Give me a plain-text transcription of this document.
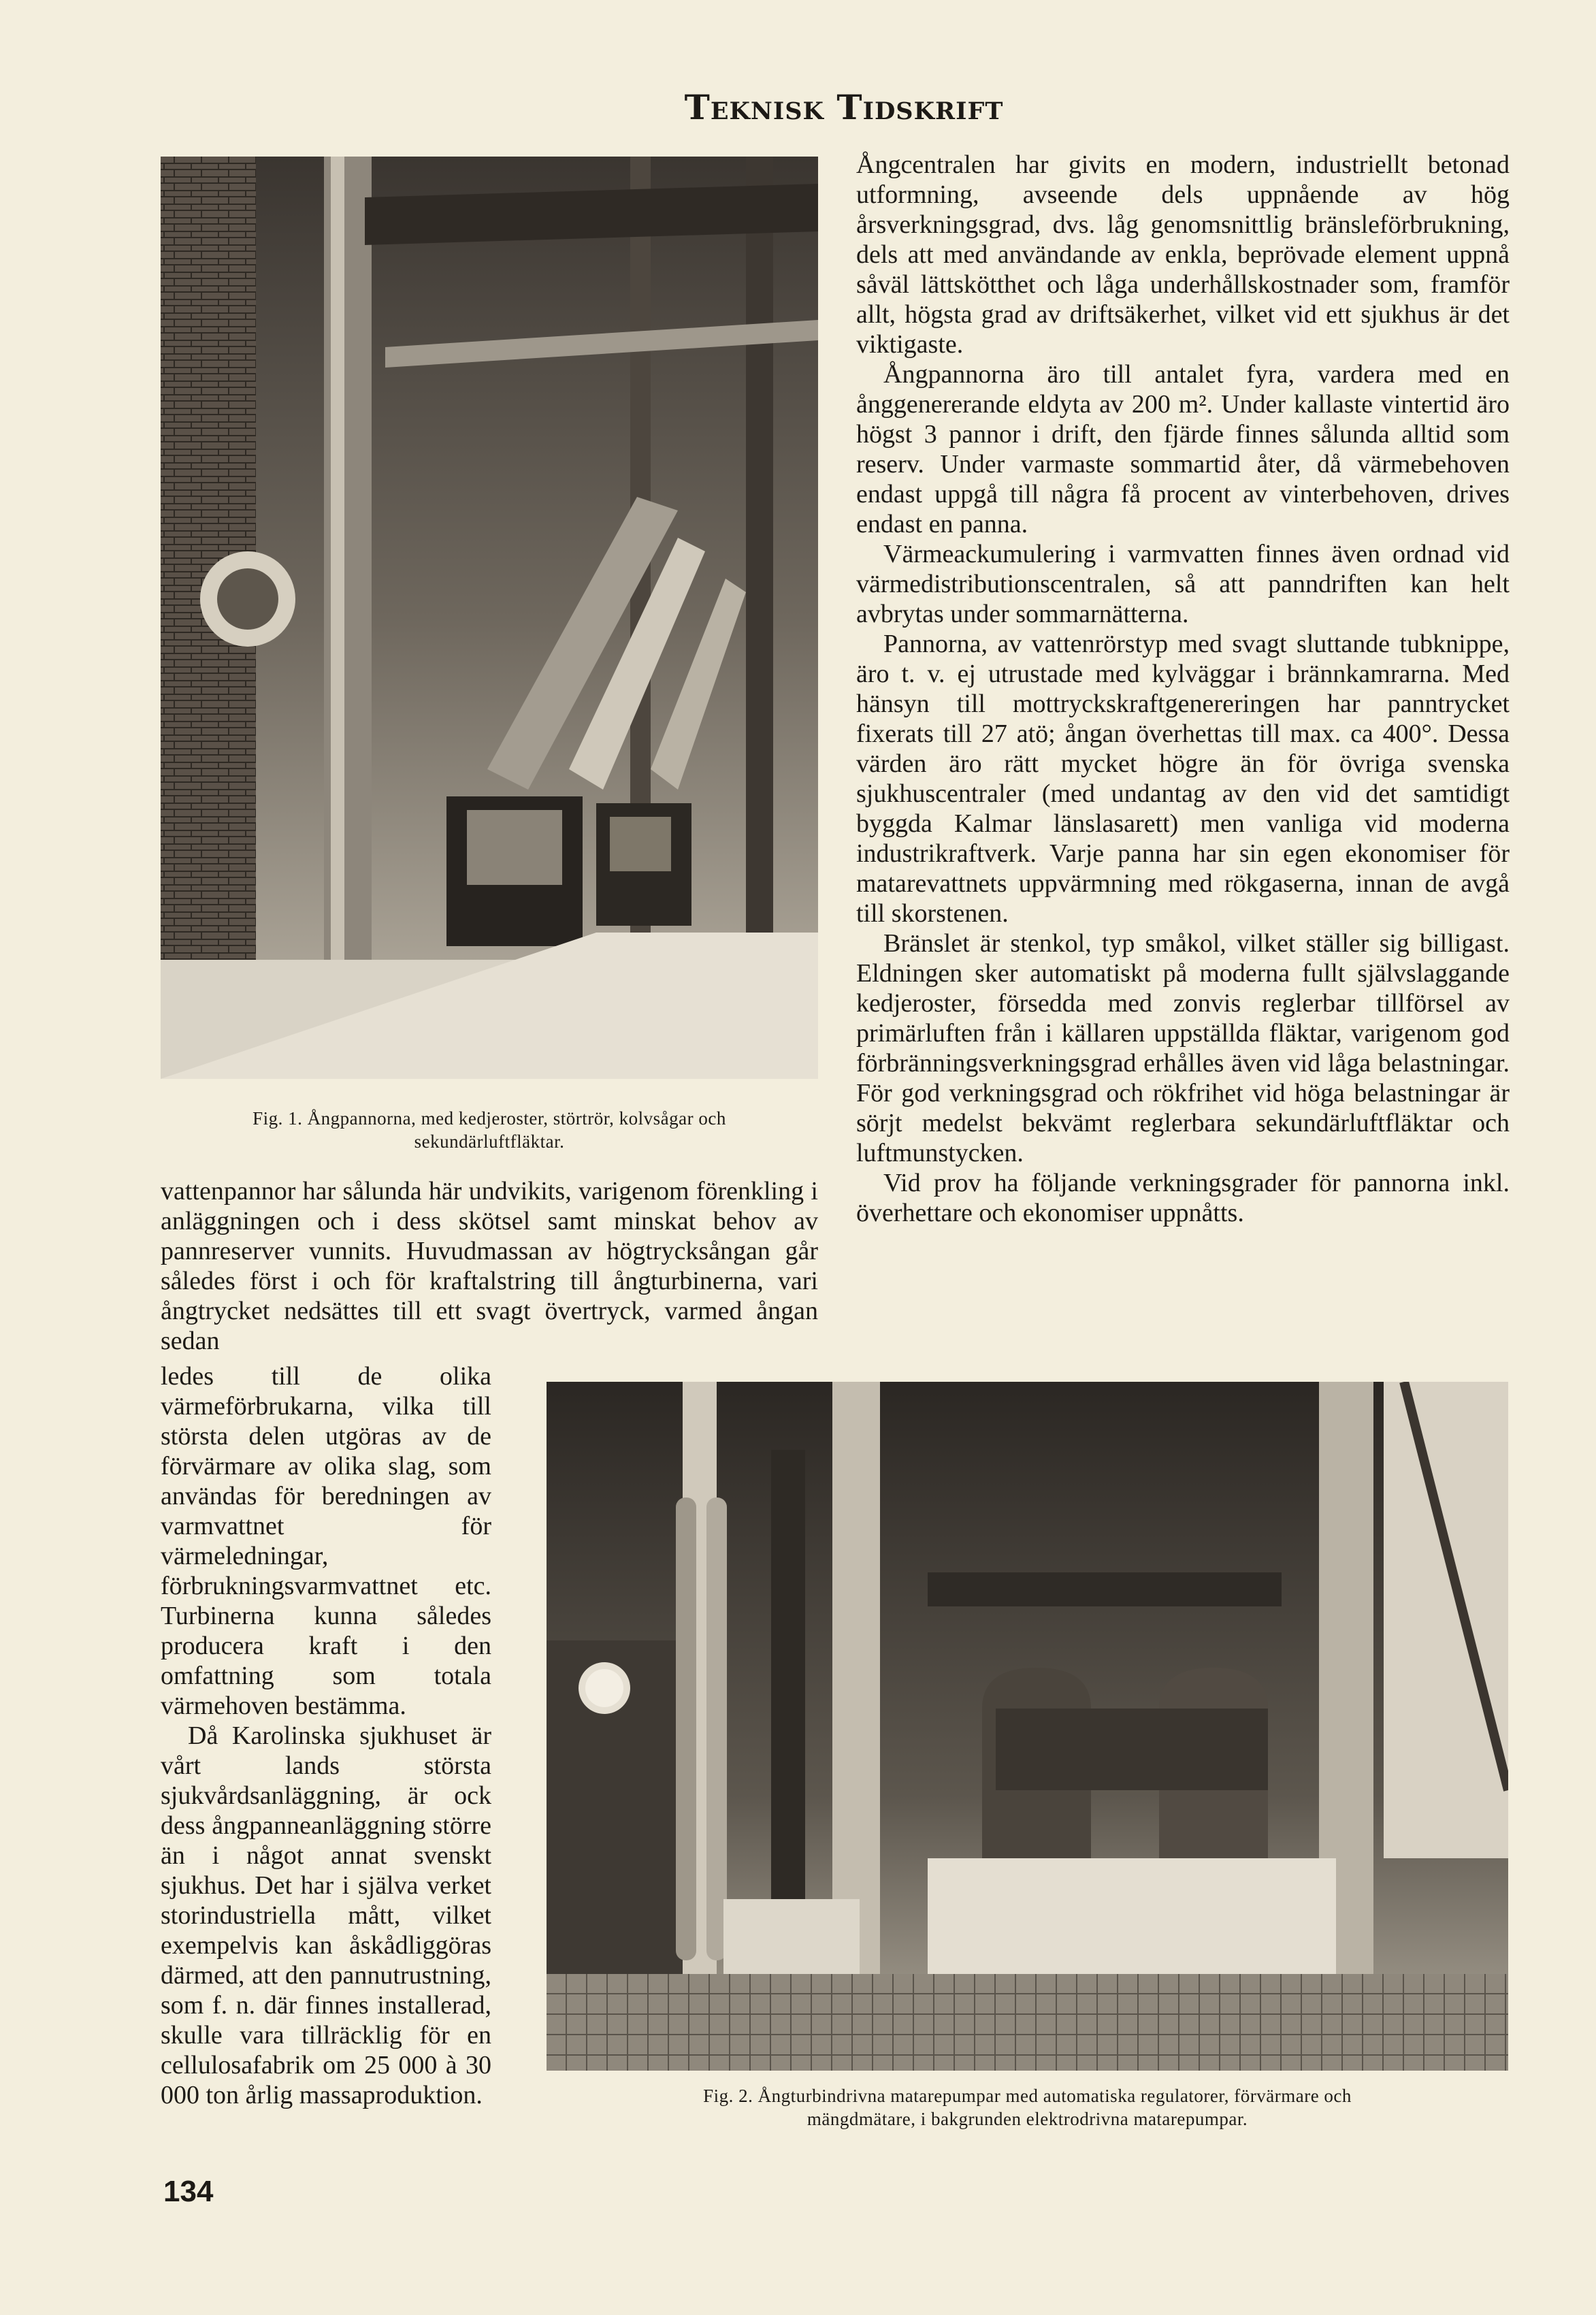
Teknisk Tidskrift
Fig. 1. Ångpannorna, med kedjeroster, störtrör, kolvsågar och
sekundärluftfläktar.

Ångcentralen har givits en modern, industriellt betonad utformning, avseende dels uppnående av hög årsverkningsgrad, dvs. låg genomsnittlig bränsleförbrukning, dels att med användande av enkla, beprövade element uppnå såväl lättskötthet och låga underhållskostnader som, framför allt, högsta grad av driftsäkerhet, vilket vid ett sjukhus är det viktigaste.

Ångpannorna äro till antalet fyra, vardera med en ånggenererande eldyta av 200 m². Under kallaste vintertid äro högst 3 pannor i drift, den fjärde finnes sålunda alltid som reserv. Under varmaste sommartid åter, då värmebehoven endast uppgå till några få procent av vinterbehoven, drives endast en panna.

Värmeackumulering i varmvatten finnes även ordnad vid värmedistributionscentralen, så att panndriften kan helt avbrytas under sommarnätterna.

Pannorna, av vattenrörstyp med svagt sluttande tubknippe, äro t. v. ej utrustade med kylväggar i brännkamrarna. Med hänsyn till mottryckskraftgenereringen har panntrycket fixerats till 27 atö; ångan överhettas till max. ca 400°. Dessa värden äro rätt mycket högre än för övriga svenska sjukhuscentraler (med undantag av den vid det samtidigt byggda Kalmar länslasarett) men vanliga vid moderna industrikraftverk. Varje panna har sin egen ekonomiser för matarevattnets uppvärmning med rökgaserna, innan de avgå till skorstenen.

Bränslet är stenkol, typ småkol, vilket ställer sig billigast. Eldningen sker automatiskt på moderna fullt självslaggande kedjeroster, försedda med zonvis reglerbar tillförsel av primärluften från i källaren uppställda fläktar, varigenom god förbränningsverkningsgrad erhålles även vid låga belastningar. För god verkningsgrad och rökfrihet vid höga belastningar är sörjt medelst bekvämt reglerbara sekundärluftfläktar och luftmunstycken.

Vid prov ha följande verkningsgrader för pannorna inkl. överhettare och ekonomiser uppnåtts.

vattenpannor har sålunda här undvikits, varigenom förenkling i anläggningen och i dess skötsel samt minskat behov av pannreserver vunnits. Huvudmassan av högtrycksångan går således först i och för kraftalstring till ångturbinerna, vari ångtrycket nedsättes till ett svagt övertryck, varmed ångan sedan

ledes till de olika värmeförbrukarna, vilka till största delen utgöras av de förvärmare av olika slag, som användas för beredningen av varmvattnet för värmeledningar, förbrukningsvarmvattnet etc. Turbinerna kunna således producera kraft i den omfattning som totala värmehoven bestämma.

Då Karolinska sjukhuset är vårt lands största sjukvårdsanläggning, är ock dess ångpanneanläggning större än i något annat svenskt sjukhus. Det har i själva verket storindustriella mått, vilket exempelvis kan åskådliggöras därmed, att den pannutrustning, som f. n. där finnes installerad, skulle vara tillräcklig för en cellulosafabrik om 25 000 à 30 000 ton årlig massaproduktion.	Fig. 2. Ångturbindrivna matarepumpar med automatiska regulatorer, förvärmare och
mängdmätare, i bakgrunden elektrodrivna matarepumpar.
134
